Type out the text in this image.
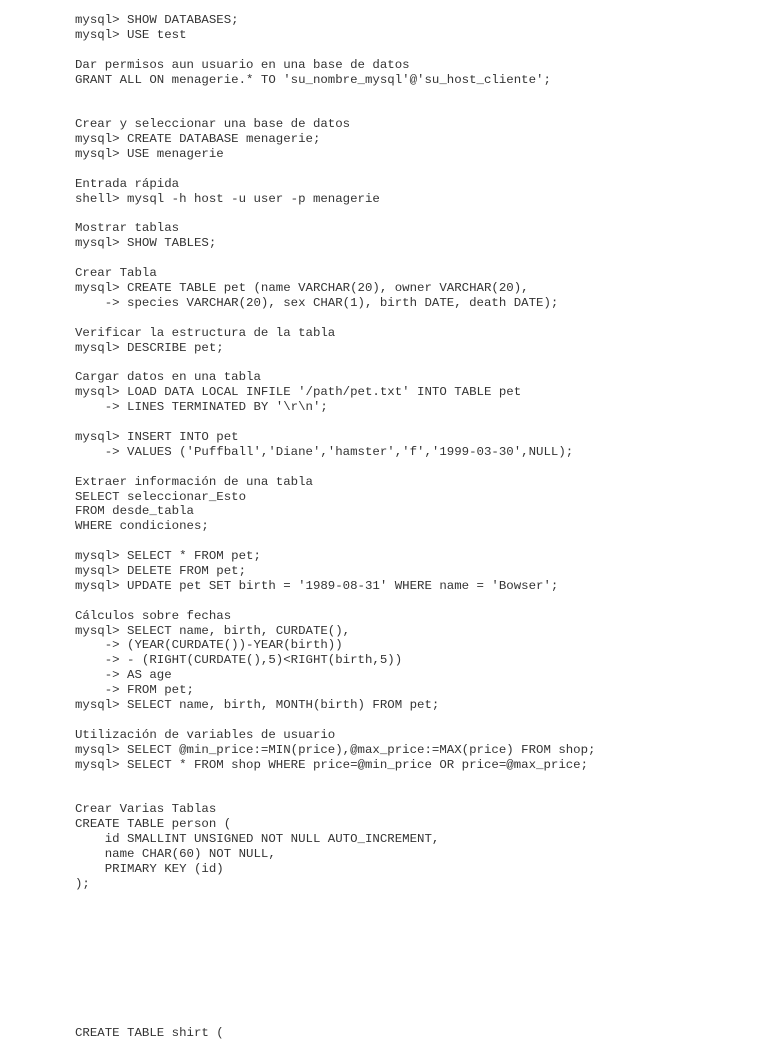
mysql> SHOW DATABASES;
mysql> USE test
Dar permisos aun usuario en una base de datos
GRANT ALL ON menagerie.* TO 'su_nombre_mysql'@'su_host_cliente';
Crear y seleccionar una base de datos
mysql> CREATE DATABASE menagerie;
mysql> USE menagerie
Entrada rápida
shell> mysql -h host -u user -p menagerie
Mostrar tablas
mysql> SHOW TABLES;
Crear Tabla
mysql> CREATE TABLE pet (name VARCHAR(20), owner VARCHAR(20),
-> species VARCHAR(20), sex CHAR(1), birth DATE, death DATE);
Verificar la estructura de la tabla
mysql> DESCRIBE pet;
Cargar datos en una tabla
mysql> LOAD DATA LOCAL INFILE '/path/pet.txt' INTO TABLE pet
-> LINES TERMINATED BY '\r\n';
mysql> INSERT INTO pet
-> VALUES ('Puffball','Diane','hamster','f','1999-03-30',NULL);
Extraer información de una tabla
SELECT seleccionar_Esto
FROM desde_tabla
WHERE condiciones;
mysql> SELECT * FROM pet;
mysql> DELETE FROM pet;
mysql> UPDATE pet SET birth = '1989-08-31' WHERE name = 'Bowser';
Cálculos sobre fechas
mysql> SELECT name, birth, CURDATE(),
-> (YEAR(CURDATE())-YEAR(birth))
-> - (RIGHT(CURDATE(),5)<RIGHT(birth,5))
-> AS age
-> FROM pet;
mysql> SELECT name, birth, MONTH(birth) FROM pet;
Utilización de variables de usuario
mysql> SELECT @min_price:=MIN(price),@max_price:=MAX(price) FROM shop;
mysql> SELECT * FROM shop WHERE price=@min_price OR price=@max_price;
Crear Varias Tablas
CREATE TABLE person (
id SMALLINT UNSIGNED NOT NULL AUTO_INCREMENT,
name CHAR(60) NOT NULL,
PRIMARY KEY (id)
);
CREATE TABLE shirt (
